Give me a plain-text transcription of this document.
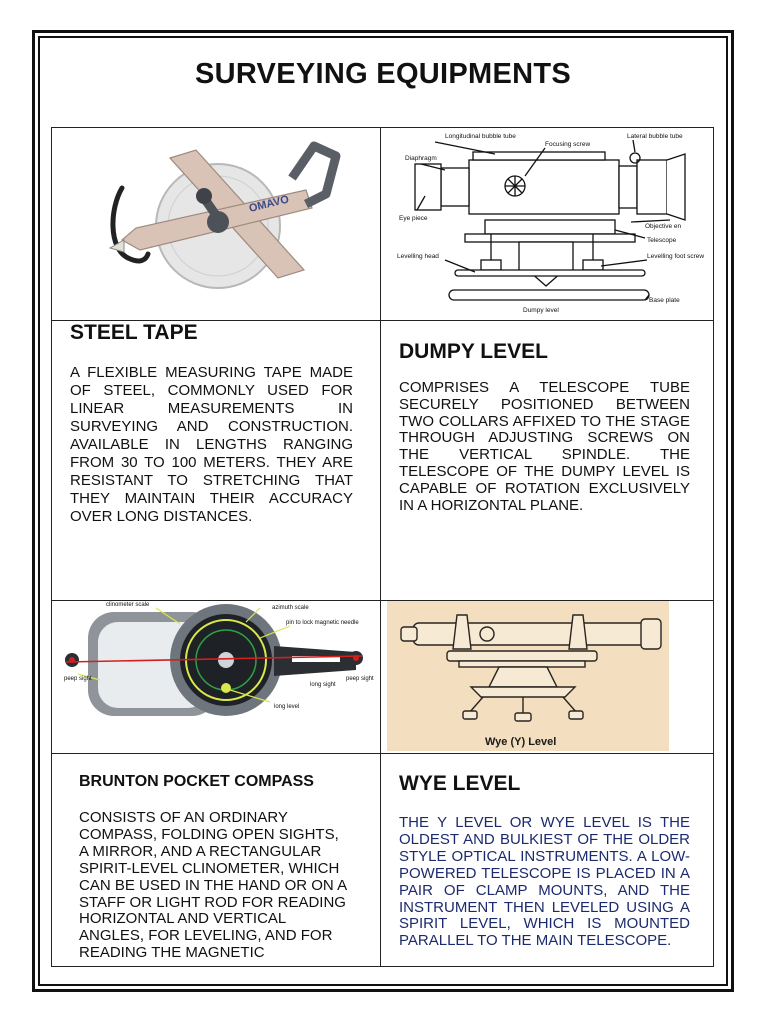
SURVEYING EQUIPMENTS
OMAVO
STEEL TAPE
A FLEXIBLE MEASURING TAPE MADE OF STEEL, COMMONLY USED FOR LINEAR MEASUREMENTS IN SURVEYING AND CONSTRUCTION. AVAILABLE IN LENGTHS RANGING FROM 30 TO 100 METERS. THEY ARE RESISTANT TO STRETCHING THAT THEY MAINTAIN THEIR ACCURACY OVER LONG DISTANCES.
Longitudinal bubble tube
Focusing screw
Lateral bubble tube
Diaphragm
Eye piece
Objective en
Telescope
Levelling head	Levelling foot screw
Base plate
Dumpy level
DUMPY LEVEL
COMPRISES A TELESCOPE TUBE SECURELY POSITIONED BETWEEN TWO COLLARS AFFIXED TO THE STAGE THROUGH ADJUSTING SCREWS ON THE VERTICAL SPINDLE. THE TELESCOPE OF THE DUMPY LEVEL IS CAPABLE OF ROTATION EXCLUSIVELY IN A HORIZONTAL PLANE.
clinometer scale	azimuth scale
pin to lock magnetic needle
peep sight
long sight
peep sight
long level
Wye (Y) Level
BRUNTON POCKET COMPASS
CONSISTS OF AN ORDINARY COMPASS, FOLDING OPEN SIGHTS, A MIRROR, AND A RECTANGULAR SPIRIT-LEVEL CLINOMETER, WHICH CAN BE USED IN THE HAND OR ON A STAFF OR LIGHT ROD FOR READING HORIZONTAL AND VERTICAL ANGLES, FOR LEVELING, AND FOR READING THE MAGNETIC
WYE LEVEL
THE Y LEVEL OR WYE LEVEL IS THE OLDEST AND BULKIEST OF THE OLDER STYLE OPTICAL INSTRUMENTS. A LOW-POWERED TELESCOPE IS PLACED IN A PAIR OF CLAMP MOUNTS, AND THE INSTRUMENT THEN LEVELED USING A SPIRIT LEVEL, WHICH IS MOUNTED PARALLEL TO THE MAIN TELESCOPE.
